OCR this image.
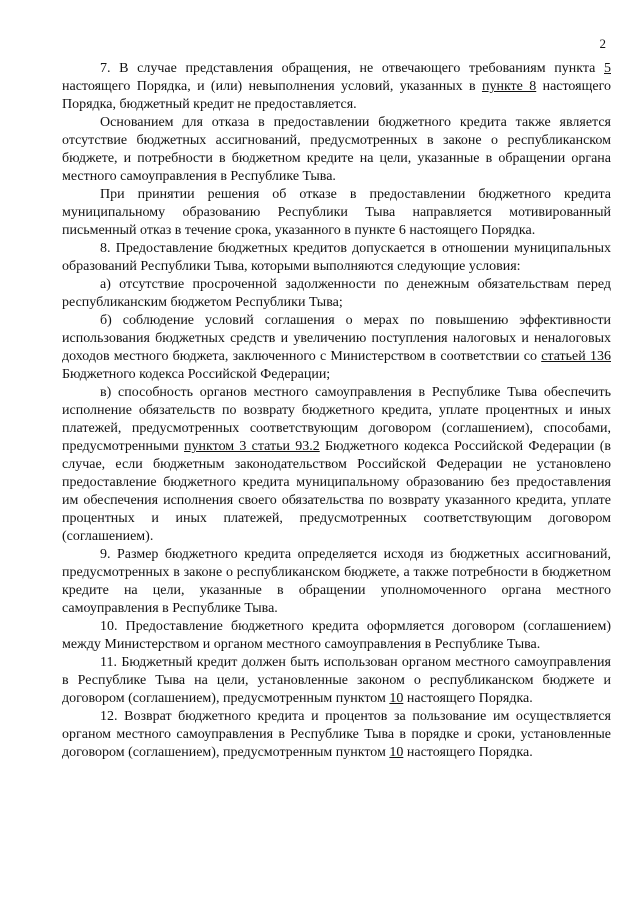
2

7. В случае представления обращения, не отвечающего требованиям пункта 5 настоящего Порядка, и (или) невыполнения условий, указанных в пункте 8 настоящего Порядка, бюджетный кредит не предоставляется.

Основанием для отказа в предоставлении бюджетного кредита также является отсутствие бюджетных ассигнований, предусмотренных в законе о республиканском бюджете, и потребности в бюджетном кредите на цели, указанные в обращении органа местного самоуправления в Республике Тыва.

При принятии решения об отказе в предоставлении бюджетного кредита муниципальному образованию Республики Тыва направляется мотивированный письменный отказ в течение срока, указанного в пункте 6 настоящего Порядка.

8. Предоставление бюджетных кредитов допускается в отношении муниципальных образований Республики Тыва, которыми выполняются следующие условия:

а) отсутствие просроченной задолженности по денежным обязательствам перед республиканским бюджетом Республики Тыва;

б) соблюдение условий соглашения о мерах по повышению эффективности использования бюджетных средств и увеличению поступления налоговых и неналоговых доходов местного бюджета, заключенного с Министерством в соответствии со статьей 136 Бюджетного кодекса Российской Федерации;

в) способность органов местного самоуправления в Республике Тыва обеспечить исполнение обязательств по возврату бюджетного кредита, уплате процентных и иных платежей, предусмотренных соответствующим договором (соглашением), способами, предусмотренными пунктом 3 статьи 93.2 Бюджетного кодекса Российской Федерации (в случае, если бюджетным законодательством Российской Федерации не установлено предоставление бюджетного кредита муниципальному образованию без предоставления им обеспечения исполнения своего обязательства по возврату указанного кредита, уплате процентных и иных платежей, предусмотренных соответствующим договором (соглашением).

9. Размер бюджетного кредита определяется исходя из бюджетных ассигнований, предусмотренных в законе о республиканском бюджете, а также потребности в бюджетном кредите на цели, указанные в обращении уполномоченного органа местного самоуправления в Республике Тыва.

10. Предоставление бюджетного кредита оформляется договором (соглашением) между Министерством и органом местного самоуправления в Республике Тыва.

11. Бюджетный кредит должен быть использован органом местного самоуправления в Республике Тыва на цели, установленные законом о республиканском бюджете и договором (соглашением), предусмотренным пунктом 10 настоящего Порядка.

12. Возврат бюджетного кредита и процентов за пользование им осуществляется органом местного самоуправления в Республике Тыва в порядке и сроки, установленные договором (соглашением), предусмотренным пунктом 10 настоящего Порядка.
